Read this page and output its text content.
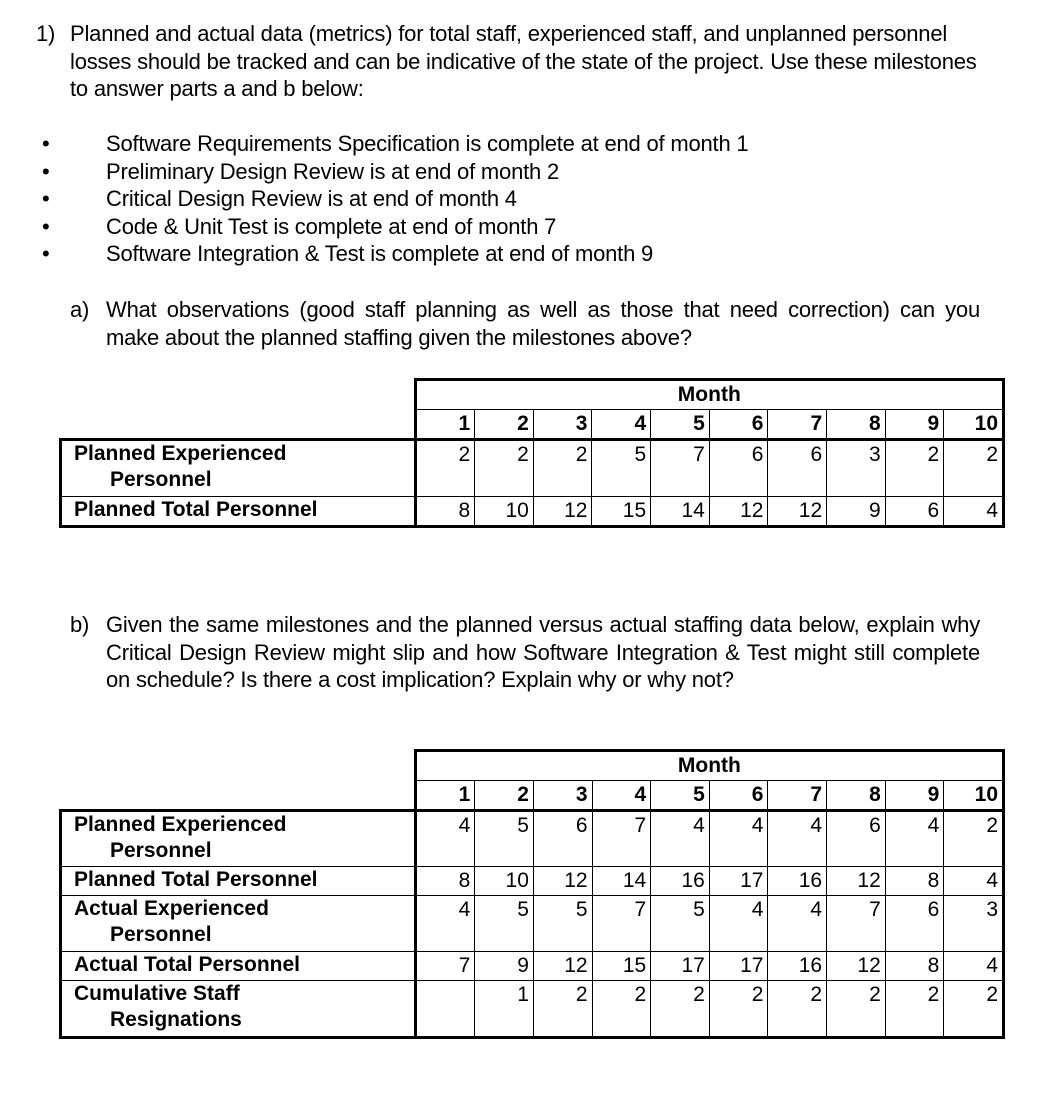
1) Planned and actual data (metrics) for total staff, experienced staff, and unplanned personnel losses should be tracked and can be indicative of the state of the project. Use these milestones to answer parts a and b below:
•	Software Requirements Specification is complete at end of month 1
•	Preliminary Design Review is at end of month 2
•	Critical Design Review is at end of month 4
•	Code & Unit Test is complete at end of month 7
•	Software Integration & Test is complete at end of month 9
a) What observations (good staff planning as well as those that need correction) can you make about the planned staffing given the milestones above?
	Month									
	1	2	3	4	5	6	7	8	9	10
Planned Experienced
Personnel	2	2	2	5	7	6	6	3	2	2
Planned Total Personnel	8	10	12	15	14	12	12	9	6	4
b) Given the same milestones and the planned versus actual staffing data below, explain why Critical Design Review might slip and how Software Integration & Test might still complete on schedule? Is there a cost implication? Explain why or why not?
	Month									
	1	2	3	4	5	6	7	8	9	10
Planned Experienced
Personnel	4	5	6	7	4	4	4	6	4	2
Planned Total Personnel	8	10	12	14	16	17	16	12	8	4
Actual Experienced
Personnel	4	5	5	7	5	4	4	7	6	3
Actual Total Personnel	7	9	12	15	17	17	16	12	8	4
Cumulative Staff
Resignations		1	2	2	2	2	2	2	2	2
